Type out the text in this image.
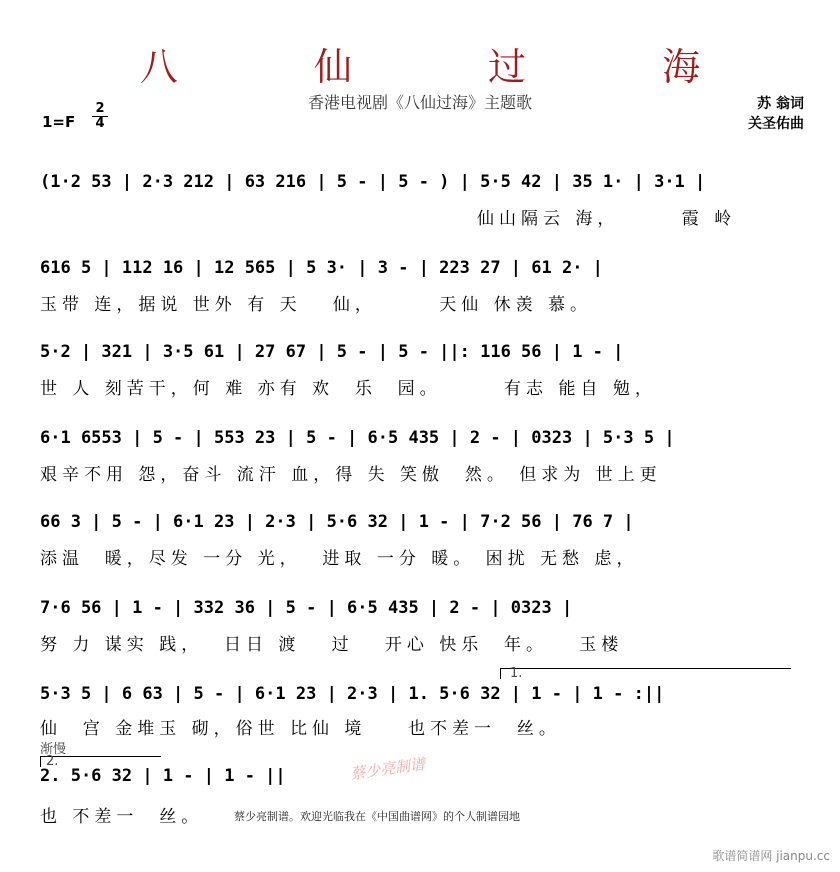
八 仙 过 海
香港电视剧《八仙过海》主题歌	苏 翁词
关圣佑曲
1=F
2
4
(1·2 53 | 2·3 212 | 63 216 | 5 - | 5 - ) | 5·5 42 | 35 1· | 3·1 |
仙山隔云 海，      霞 岭
616 5 | 112 16 | 12 565 | 5 3· | 3 - | 223 27 | 61 2· |
玉带 连，据说 世外 有 天   仙，      天仙 休羡 慕。
5·2 | 321 | 3·5 61 | 27 67 | 5 - | 5 - ||: 116 56 | 1 - |
世 人 刻苦干，何 难 亦有 欢  乐  园。      有志 能自 勉，
6·1 6553 | 5 - | 553 23 | 5 - | 6·5 435 | 2 - | 0323 | 5·3 5 |
艰辛不用 怨，奋斗 流汗 血，得 失 笑傲  然。 但求为 世上更
66 3 | 5 - | 6·1 23 | 2·3 | 5·6 32 | 1 - | 7·2 56 | 76 7 |
添温  暖，尽发 一分 光，  进取 一分 暖。 困扰 无愁 虑，
7·6 56 | 1 - | 332 36 | 5 - | 6·5 435 | 2 - | 0323 |
努 力 谋实 践，  日日 渡   过   开心 快乐  年。   玉楼
1.
5·3 5 | 6 63 | 5 - | 6·1 23 | 2·3 | 1. 5·6 32 | 1 - | 1 - :||
仙  宫 金堆玉 砌，俗世 比仙 境    也不差一  丝。
渐慢
2.
2. 5·6 32 | 1 - | 1 - ||
也 不差一  丝。	蔡少亮制谱。欢迎光临我在《中国曲谱网》的个人制谱园地
蔡少亮制谱
歌谱简谱网 jianpu.cc
